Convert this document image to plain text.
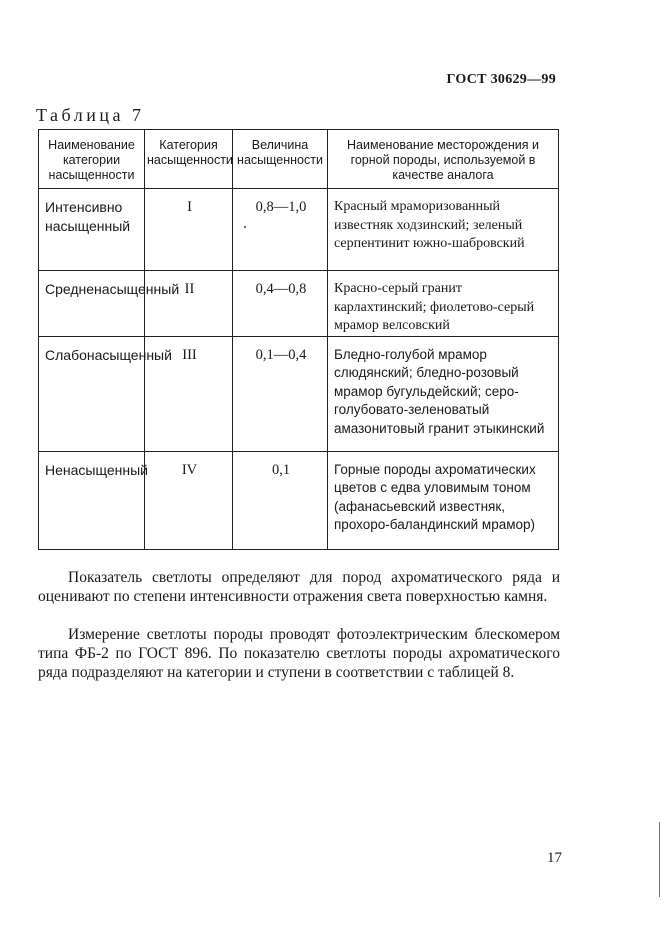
ГОСТ 30629—99
Таблица 7
Наименование категории насыщенности	Категория насыщенности	Величина насыщенности	Наименование месторождения и горной породы, используемой в качестве аналога
Интенсивно насыщенный	I	0,8—1,0	Красный мраморизованный известняк ходзинский; зеленый серпентинит южно-шабровский
Средненасыщенный	II	0,4—0,8	Красно-серый гранит карлахтинский; фиолетово-серый мрамор велсовский
Слабонасыщенный	III	0,1—0,4	Бледно-голубой мрамор слюдянский; бледно-розовый мрамор бугульдейский; серо-голубовато-зеленоватый амазонитовый гранит этыкинский
Ненасыщенный	IV	0,1	Горные породы ахроматических цветов с едва уловимым тоном (афанасьевский известняк, прохоро-баландинский мрамор)

Показатель светлоты определяют для пород ахроматического ряда и оценивают по степени интенсивности отражения света поверхностью камня.

Измерение светлоты породы проводят фотоэлектрическим блескомером типа ФБ-2 по ГОСТ 896. По показателю светлоты породы ахроматического ряда подразделяют на категории и ступени в соответствии с таблицей 8.

17
